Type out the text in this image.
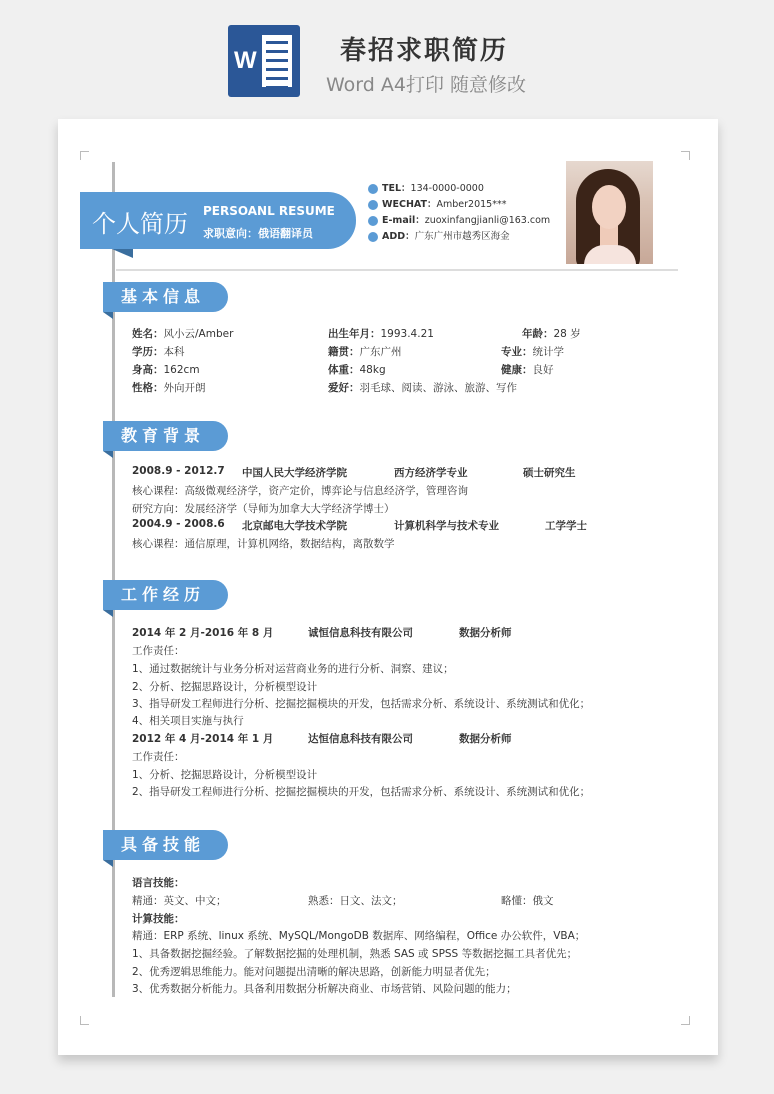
W	春招求职简历
Word A4打印 随意修改
个人简历 PERSOANL RESUME
求职意向：俄语翻译员
TEL：134-0000-0000
WECHAT：Amber2015***
E-mail：zuoxinfangjianli@163.com
ADD：广东广州市越秀区海金
基本信息
姓名：风小云/Amber	出生年月：1993.4.21	年龄：28 岁
学历：本科	籍贯：广东广州	专业：统计学
身高：162cm	体重：48kg	健康：良好
性格：外向开朗	爱好：羽毛球、阅读、游泳、旅游、写作
教育背景
2008.9 - 2012.7 中国人民大学经济学院	西方经济学专业	硕士研究生
核心课程：高级微观经济学，资产定价，博弈论与信息经济学，管理咨询
研究方向：发展经济学（导师为加拿大大学经济学博士）
2004.9 - 2008.6 北京邮电大学技术学院	计算机科学与技术专业	工学学士
核心课程：通信原理，计算机网络，数据结构，离散数学
工作经历
2014 年 2 月-2016 年 8 月	诚恒信息科技有限公司	数据分析师
工作责任：
1、通过数据统计与业务分析对运营商业务的进行分析、洞察、建议；
2、分析、挖掘思路设计，分析模型设计
3、指导研发工程师进行分析、挖掘挖掘模块的开发，包括需求分析、系统设计、系统测试和优化；
4、相关项目实施与执行
2012 年 4 月-2014 年 1 月	达恒信息科技有限公司	数据分析师
工作责任：
1、分析、挖掘思路设计，分析模型设计
2、指导研发工程师进行分析、挖掘挖掘模块的开发，包括需求分析、系统设计、系统测试和优化；
具备技能
语言技能：
精通：英文、中文；	熟悉：日文、法文；	略懂：俄文
计算技能：
精通：ERP 系统、linux 系统、MySQL/MongoDB 数据库、网络编程，Office 办公软件，VBA；
1、具备数据挖掘经验。了解数据挖掘的处理机制，熟悉 SAS 或 SPSS 等数据挖掘工具者优先；
2、优秀逻辑思维能力。能对问题提出清晰的解决思路，创新能力明显者优先；
3、优秀数据分析能力。具备利用数据分析解决商业、市场营销、风险问题的能力；
